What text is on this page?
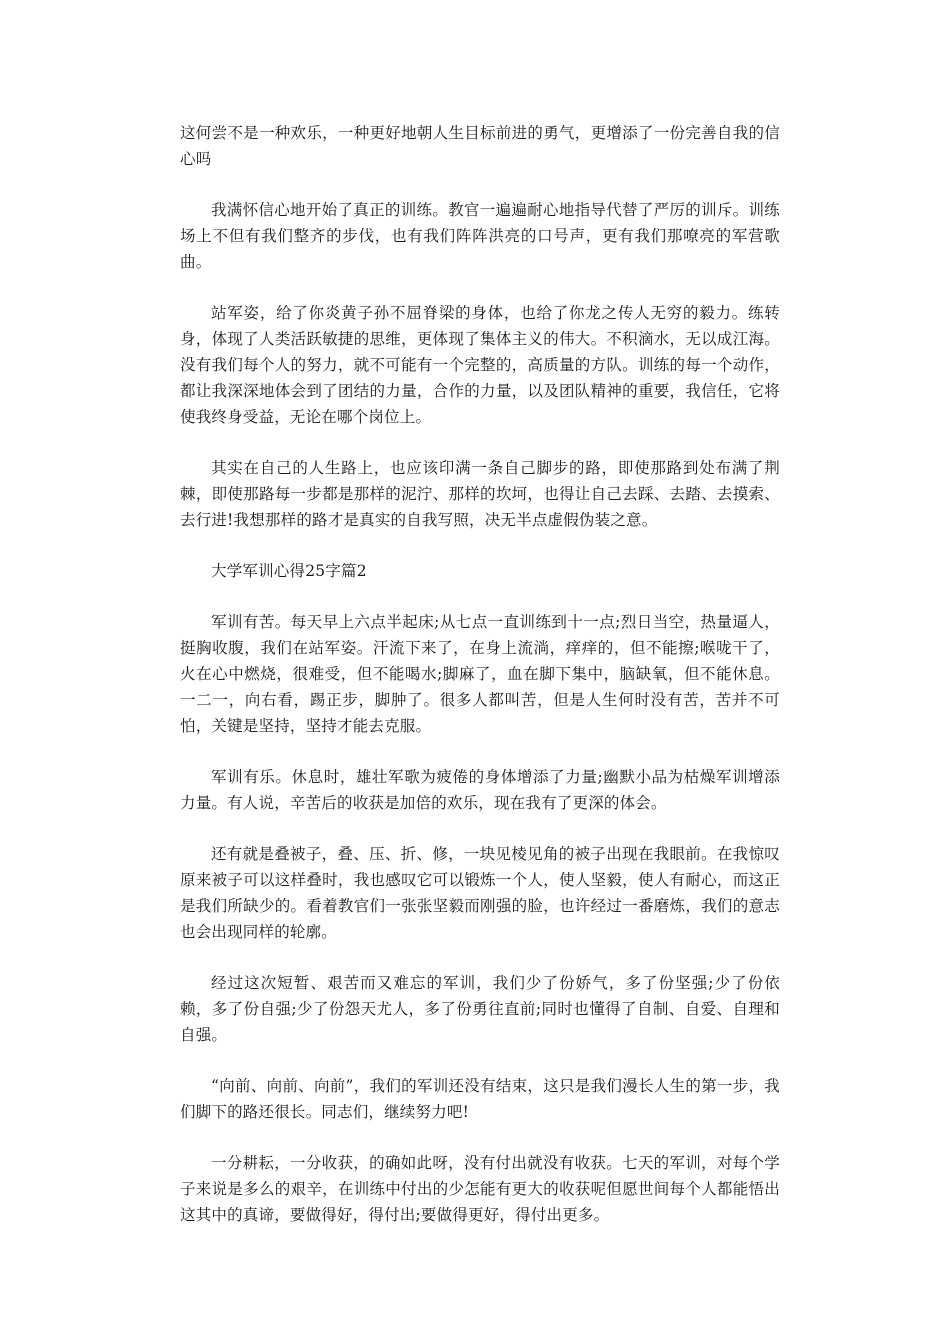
这何尝不是一种欢乐，一种更好地朝人生目标前进的勇气，更增添了一份完善自我的信心吗

我满怀信心地开始了真正的训练。教官一遍遍耐心地指导代替了严厉的训斥。训练场上不但有我们整齐的步伐，也有我们阵阵洪亮的口号声，更有我们那嘹亮的军营歌曲。

站军姿，给了你炎黄子孙不屈脊梁的身体，也给了你龙之传人无穷的毅力。练转身，体现了人类活跃敏捷的思维，更体现了集体主义的伟大。不积滴水，无以成江海。没有我们每个人的努力，就不可能有一个完整的，高质量的方队。训练的每一个动作，都让我深深地体会到了团结的力量，合作的力量，以及团队精神的重要，我信任，它将使我终身受益，无论在哪个岗位上。

其实在自己的人生路上，也应该印满一条自己脚步的路，即使那路到处布满了荆棘，即使那路每一步都是那样的泥泞、那样的坎坷，也得让自己去踩、去踏、去摸索、去行进!我想那样的路才是真实的自我写照，决无半点虚假伪装之意。

大学军训心得25字篇2

军训有苦。每天早上六点半起床;从七点一直训练到十一点;烈日当空，热量逼人，挺胸收腹，我们在站军姿。汗流下来了，在身上流淌，痒痒的，但不能擦;喉咙干了，火在心中燃烧，很难受，但不能喝水;脚麻了，血在脚下集中，脑缺氧，但不能休息。一二一，向右看，踢正步，脚肿了。很多人都叫苦，但是人生何时没有苦，苦并不可怕，关键是坚持，坚持才能去克服。

军训有乐。休息时，雄壮军歌为疲倦的身体增添了力量;幽默小品为枯燥军训增添力量。有人说，辛苦后的收获是加倍的欢乐，现在我有了更深的体会。

还有就是叠被子，叠、压、折、修，一块见棱见角的被子出现在我眼前。在我惊叹原来被子可以这样叠时，我也感叹它可以锻炼一个人，使人坚毅，使人有耐心，而这正是我们所缺少的。看着教官们一张张坚毅而刚强的脸，也许经过一番磨炼，我们的意志也会出现同样的轮廓。

经过这次短暂、艰苦而又难忘的军训，我们少了份娇气，多了份坚强;少了份依赖，多了份自强;少了份怨天尤人，多了份勇往直前;同时也懂得了自制、自爱、自理和自强。

“向前、向前、向前”，我们的军训还没有结束，这只是我们漫长人生的第一步，我们脚下的路还很长。同志们，继续努力吧!

一分耕耘，一分收获，的确如此呀，没有付出就没有收获。七天的军训，对每个学子来说是多么的艰辛，在训练中付出的少怎能有更大的收获呢但愿世间每个人都能悟出这其中的真谛，要做得好，得付出;要做得更好，得付出更多。
